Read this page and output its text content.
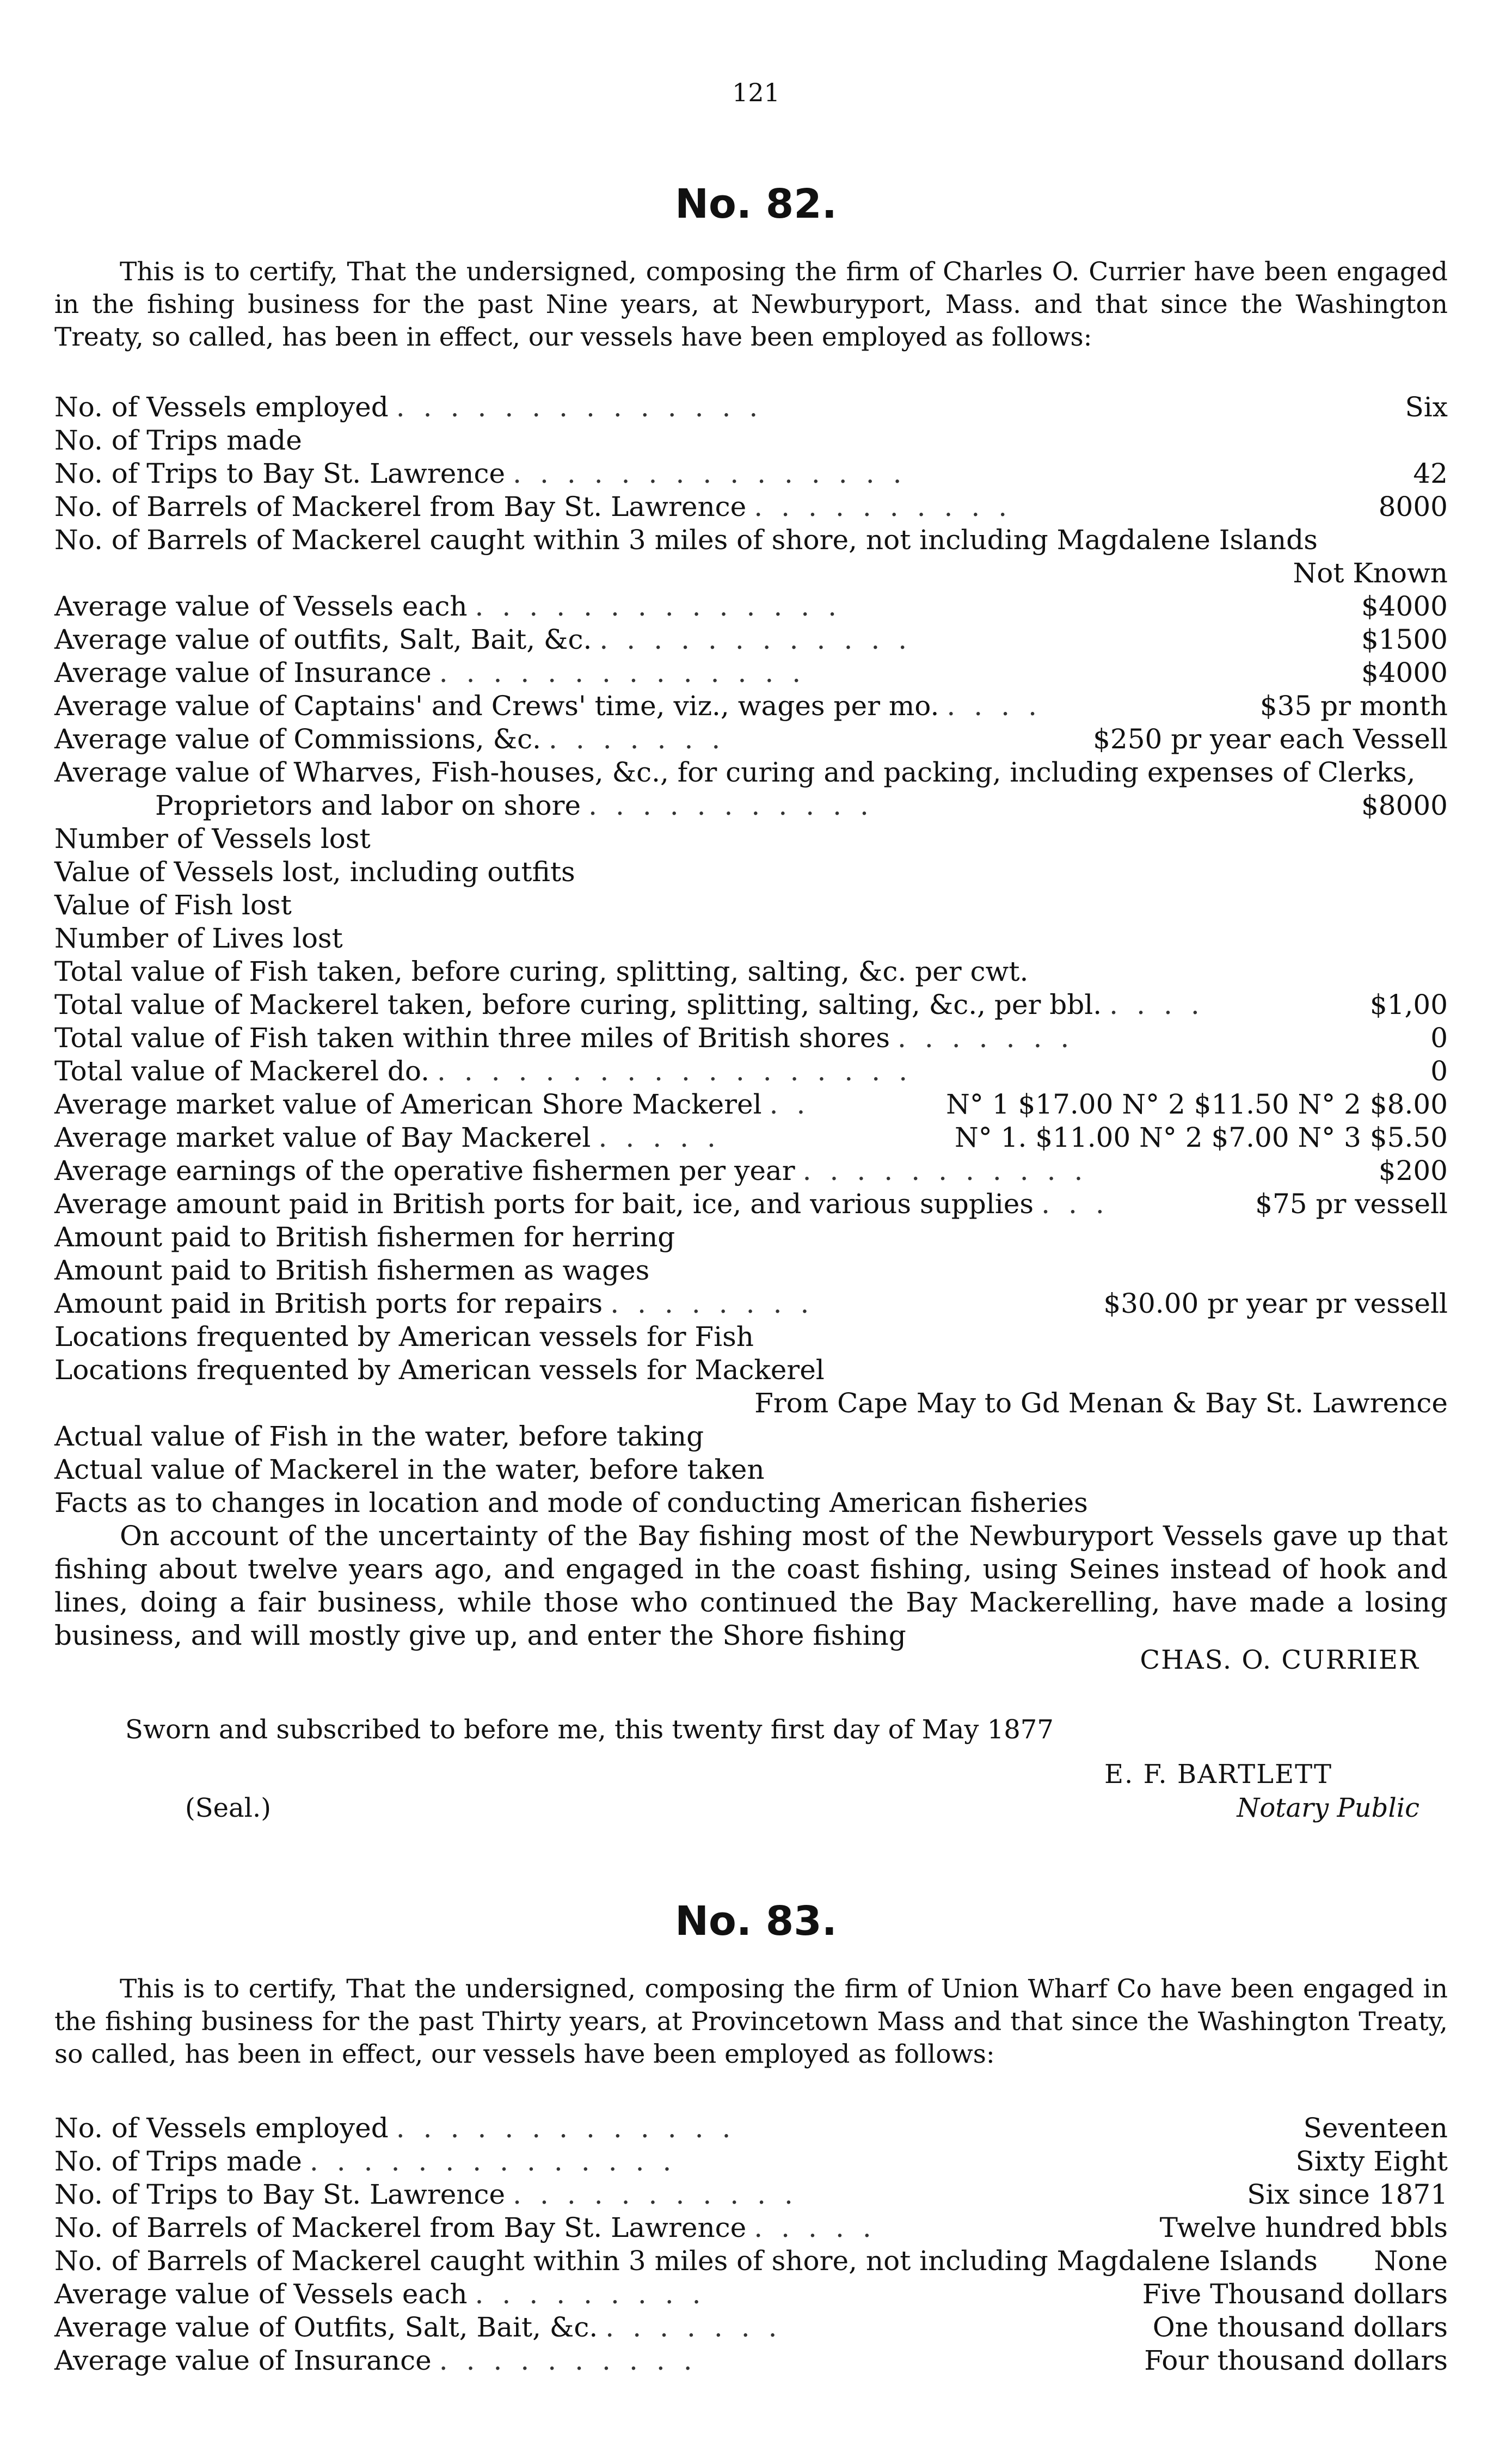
121
No. 82.

This is to certify, That the undersigned, composing the firm of Charles O. Currier have been engaged in the fishing business for the past Nine years, at Newburyport, Mass. and that since the Washington Treaty, so called, has been in effect, our vessels have been employed as follows:

No. of Vessels employed ..............	Six
No. of Trips made
No. of Trips to Bay St. Lawrence ...............	42
No. of Barrels of Mackerel from Bay St. Lawrence ..........	8000
No. of Barrels of Mackerel caught within 3 miles of shore, not including Magdalene Islands
Not Known
Average value of Vessels each ..............	$4000
Average value of outfits, Salt, Bait, &c. ............	$1500
Average value of Insurance ..............	$4000
Average value of Captains' and Crews' time, viz., wages per mo. ....	$35 pr month
Average value of Commissions, &c. .......	$250 pr year each Vessell
Average value of Wharves, Fish-houses, &c., for curing and packing, including expenses of Clerks,
Proprietors and labor on shore ...........	$8000
Number of Vessels lost
Value of Vessels lost, including outfits
Value of Fish lost
Number of Lives lost
Total value of Fish taken, before curing, splitting, salting, &c. per cwt.
Total value of Mackerel taken, before curing, splitting, salting, &c., per bbl. ....	$1,00
Total value of Fish taken within three miles of British shores .......	0
Total value of Mackerel do. ..................	0
Average market value of American Shore Mackerel ..	N° 1 $17.00 N° 2 $11.50 N° 2 $8.00
Average market value of Bay Mackerel .....	N° 1. $11.00 N° 2 $7.00 N° 3 $5.50
Average earnings of the operative fishermen per year ...........	$200
Average amount paid in British ports for bait, ice, and various supplies ...	$75 pr vessell
Amount paid to British fishermen for herring
Amount paid to British fishermen as wages
Amount paid in British ports for repairs ........	$30.00 pr year pr vessell
Locations frequented by American vessels for Fish
Locations frequented by American vessels for Mackerel
From Cape May to Gd Menan & Bay St. Lawrence
Actual value of Fish in the water, before taking
Actual value of Mackerel in the water, before taken
Facts as to changes in location and mode of conducting American fisheries
On account of the uncertainty of the Bay fishing most of the Newburyport Vessels gave up that fishing about twelve years ago, and engaged in the coast fishing, using Seines instead of hook and lines, doing a fair business, while those who continued the Bay Mackerelling, have made a losing business, and will mostly give up, and enter the Shore fishing
CHAS. O. CURRIER
Sworn and subscribed to before me, this twenty first day of May 1877
E. F. BARTLETT
(Seal.)	Notary Public
No. 83.

This is to certify, That the undersigned, composing the firm of Union Wharf Co have been engaged in the fishing business for the past Thirty years, at Provincetown Mass and that since the Washington Treaty, so called, has been in effect, our vessels have been employed as follows:

No. of Vessels employed .............	Seventeen
No. of Trips made ..............	Sixty Eight
No. of Trips to Bay St. Lawrence ...........	Six since 1871
No. of Barrels of Mackerel from Bay St. Lawrence .....	Twelve hundred bbls
No. of Barrels of Mackerel caught within 3 miles of shore, not including Magdalene Islands None
Average value of Vessels each .........	Five Thousand dollars
Average value of Outfits, Salt, Bait, &c. .......	One thousand dollars
Average value of Insurance ..........	Four thousand dollars
